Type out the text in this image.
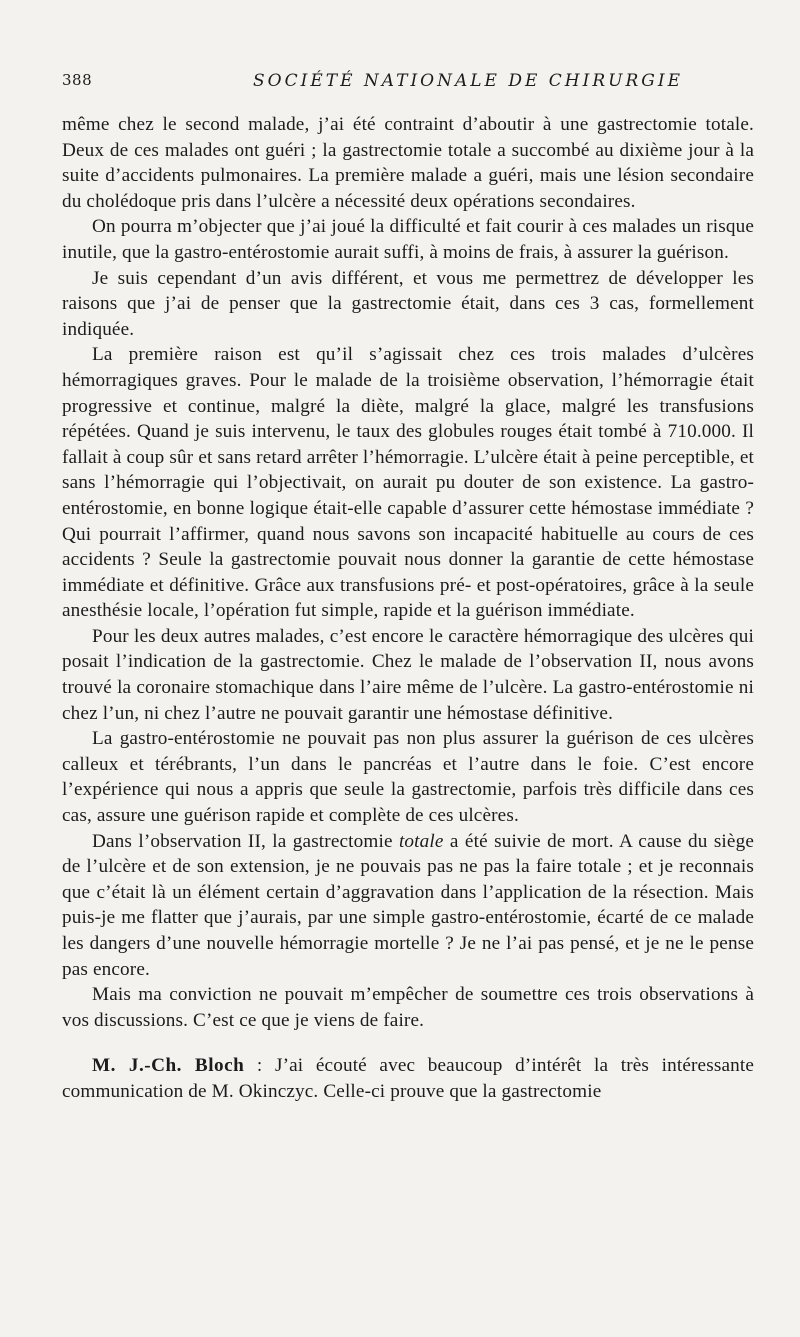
388	SOCIÉTÉ NATIONALE DE CHIRURGIE

même chez le second malade, j’ai été contraint d’aboutir à une gastrectomie totale. Deux de ces malades ont guéri ; la gastrectomie totale a succombé au dixième jour à la suite d’accidents pulmonaires. La première malade a guéri, mais une lésion secondaire du cholédoque pris dans l’ulcère a nécessité deux opérations secondaires.

On pourra m’objecter que j’ai joué la difficulté et fait courir à ces malades un risque inutile, que la gastro-entérostomie aurait suffi, à moins de frais, à assurer la guérison.

Je suis cependant d’un avis différent, et vous me permettrez de développer les raisons que j’ai de penser que la gastrectomie était, dans ces 3 cas, formellement indiquée.

La première raison est qu’il s’agissait chez ces trois malades d’ulcères hémorragiques graves. Pour le malade de la troisième observation, l’hémorragie était progressive et continue, malgré la diète, malgré la glace, malgré les transfusions répétées. Quand je suis intervenu, le taux des globules rouges était tombé à 710.000. Il fallait à coup sûr et sans retard arrêter l’hémorragie. L’ulcère était à peine perceptible, et sans l’hémorragie qui l’objectivait, on aurait pu douter de son existence. La gastro-entérostomie, en bonne logique était-elle capable d’assurer cette hémostase immédiate ? Qui pourrait l’affirmer, quand nous savons son incapacité habituelle au cours de ces accidents ? Seule la gastrectomie pouvait nous donner la garantie de cette hémostase immédiate et définitive. Grâce aux transfusions pré- et post-opératoires, grâce à la seule anesthésie locale, l’opération fut simple, rapide et la guérison immédiate.

Pour les deux autres malades, c’est encore le caractère hémorragique des ulcères qui posait l’indication de la gastrectomie. Chez le malade de l’observation II, nous avons trouvé la coronaire stomachique dans l’aire même de l’ulcère. La gastro-entérostomie ni chez l’un, ni chez l’autre ne pouvait garantir une hémostase définitive.

La gastro-entérostomie ne pouvait pas non plus assurer la guérison de ces ulcères calleux et térébrants, l’un dans le pancréas et l’autre dans le foie. C’est encore l’expérience qui nous a appris que seule la gastrectomie, parfois très difficile dans ces cas, assure une guérison rapide et complète de ces ulcères.

Dans l’observation II, la gastrectomie totale a été suivie de mort. A cause du siège de l’ulcère et de son extension, je ne pouvais pas ne pas la faire totale ; et je reconnais que c’était là un élément certain d’aggravation dans l’application de la résection. Mais puis-je me flatter que j’aurais, par une simple gastro-entérostomie, écarté de ce malade les dangers d’une nouvelle hémorragie mortelle ? Je ne l’ai pas pensé, et je ne le pense pas encore.

Mais ma conviction ne pouvait m’empêcher de soumettre ces trois observations à vos discussions. C’est ce que je viens de faire.

M. J.-Ch. Bloch : J’ai écouté avec beaucoup d’intérêt la très intéressante communication de M. Okinczyc. Celle-ci prouve que la gastrectomie
